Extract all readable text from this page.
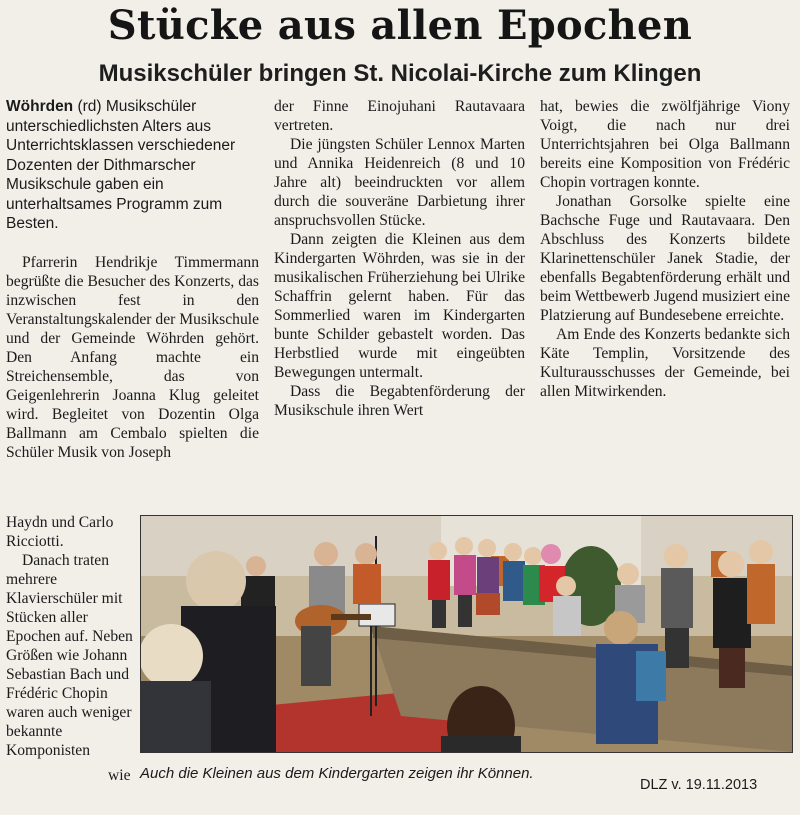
Stücke aus allen Epochen
Musikschüler bringen St. Nicolai-Kirche zum Klingen
Wöhrden (rd) Musikschüler unterschiedlichsten Alters aus Unterrichtsklassen verschiedener Dozenten der Dithmarscher Musikschule gaben ein unterhaltsames Programm zum Besten.

Pfarrerin Hendrikje Timmermann begrüßte die Besucher des Konzerts, das inzwischen fest in den Veranstaltungskalender der Musikschule und der Gemeinde Wöhrden gehört. Den Anfang machte ein Streichensemble, das von Geigenlehrerin Joanna Klug geleitet wird. Begleitet von Dozentin Olga Ballmann am Cembalo spielten die Schüler Musik von Joseph

der Finne Einojuhani Rautavaara vertreten.

Die jüngsten Schüler Lennox Marten und Annika Heidenreich (8 und 10 Jahre alt) beeindruckten vor allem durch die souveräne Darbietung ihrer anspruchsvollen Stücke.

Dann zeigten die Kleinen aus dem Kindergarten Wöhrden, was sie in der musikalischen Früherziehung bei Ulrike Schaffrin gelernt haben. Für das Sommerlied waren im Kindergarten bunte Schilder gebastelt worden. Das Herbstlied wurde mit eingeübten Bewegungen untermalt.

Dass die Begabtenförderung der Musikschule ihren Wert

hat, bewies die zwölfjährige Viony Voigt, die nach nur drei Unterrichtsjahren bei Olga Ballmann bereits eine Komposition von Frédéric Chopin vortragen konnte.

Jonathan Gorsolke spielte eine Bachsche Fuge und Rautavaara. Den Abschluss des Konzerts bildete Klarinettenschüler Janek Stadie, der ebenfalls Begabtenförderung erhält und beim Wettbewerb Jugend musiziert eine Platzierung auf Bundesebene erreichte.

Am Ende des Konzerts bedankte sich Käte Templin, Vorsitzende des Kulturausschusses der Gemeinde, bei allen Mitwirkenden.

Haydn und Carlo Ricciotti.

Danach traten mehrere Klavierschüler mit Stücken aller Epochen auf. Neben Größen wie Johann Sebastian Bach und Frédéric Chopin waren auch weniger bekannte Komponisten

wie Auch die Kleinen aus dem Kindergarten zeigen ihr Können.
DLZ v. 19.11.2013
